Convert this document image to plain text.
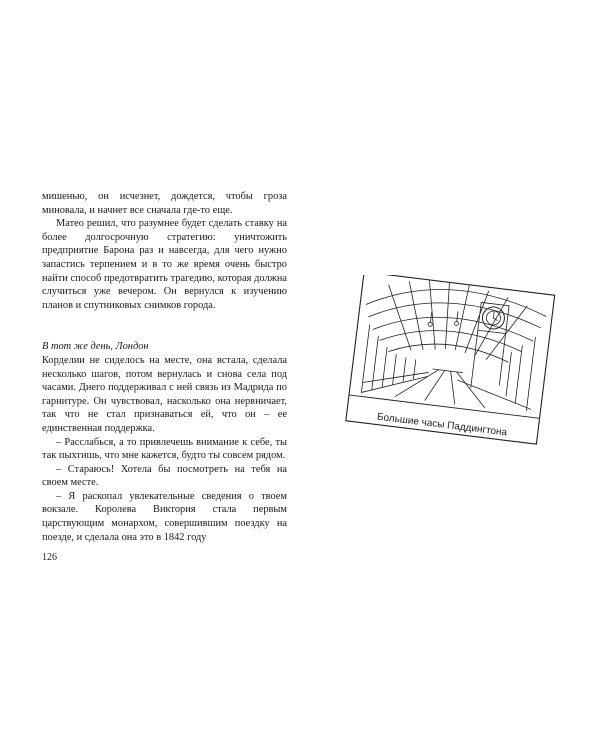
мишенью, он исчезнет, дождется, чтобы гроза миновала, и начнет все сначала где-то еще.

Матео решил, что разумнее будет сделать ставку на более долгосрочную стратегию: уничтожить предприятие Барона раз и навсегда, для чего нужно запастись терпением и в то же время очень быстро найти способ предотвратить трагедию, которая должна случиться уже вечером. Он вернулся к изучению планов и спутниковых снимков города.

В тот же день, Лондон

Корделии не сиделось на месте, она встала, сделала несколько шагов, потом вернулась и снова села под часами. Диего поддерживал с ней связь из Мадрида по гарнитуре. Он чувствовал, насколько она нервничает, так что не стал признаваться ей, что он – ее единственная поддержка.

– Расслабься, а то привлечешь внимание к себе, ты так пыхтишь, что мне кажется, будто ты совсем рядом.

– Стараюсь! Хотела бы посмотреть на тебя на своем месте.

– Я раскопал увлекательные сведения о твоем вокзале. Королева Виктория стала первым царствующим монархом, совершившим поездку на поезде, и сделала она это в 1842 году

126
Большие часы Паддингтона
